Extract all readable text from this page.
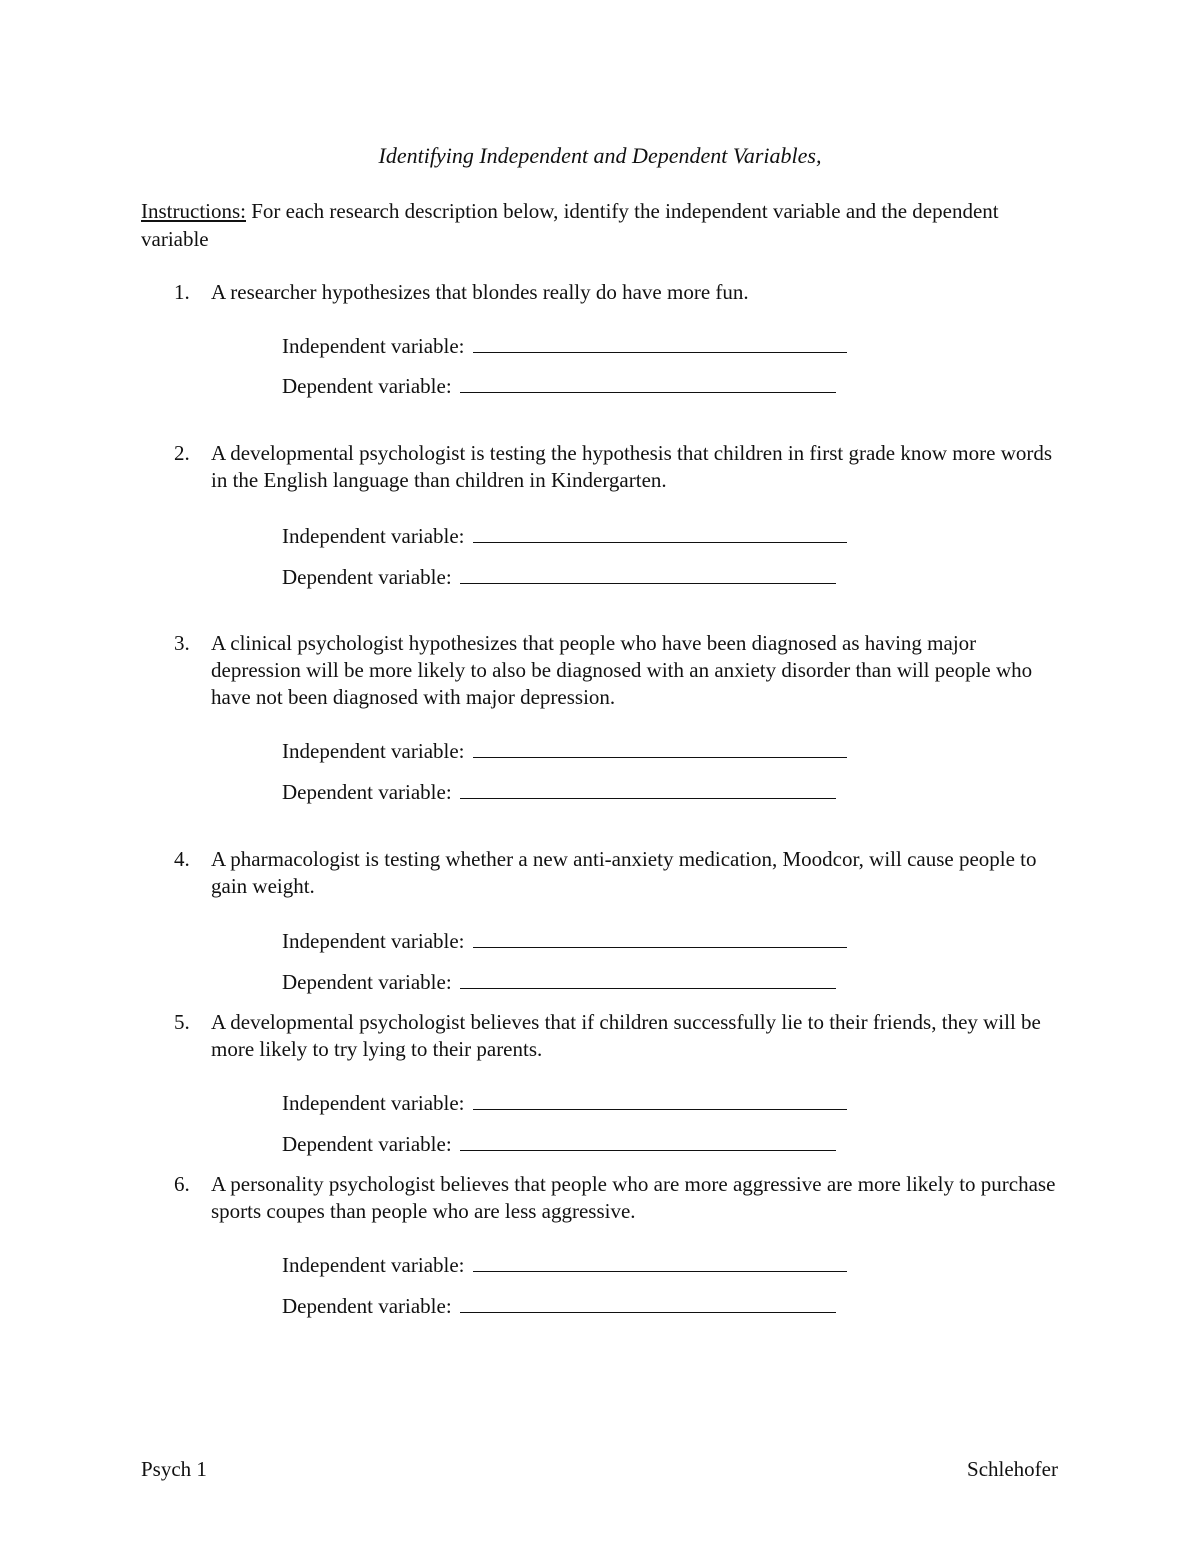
Identifying Independent and Dependent Variables,
Instructions: For each research description below, identify the independent variable and the dependent variable
1. A researcher hypothesizes that blondes really do have more fun.
Independent variable:
Dependent variable:
2. A developmental psychologist is testing the hypothesis that children in first grade know more words in the English language than children in Kindergarten.
Independent variable:
Dependent variable:
3. A clinical psychologist hypothesizes that people who have been diagnosed as having major depression will be more likely to also be diagnosed with an anxiety disorder than will people who have not been diagnosed with major depression.
Independent variable:
Dependent variable:
4. A pharmacologist is testing whether a new anti-anxiety medication, Moodcor, will cause people to gain weight.
Independent variable:
Dependent variable:
5. A developmental psychologist believes that if children successfully lie to their friends, they will be more likely to try lying to their parents.
Independent variable:
Dependent variable:
6. A personality psychologist believes that people who are more aggressive are more likely to purchase sports coupes than people who are less aggressive.
Independent variable:
Dependent variable:
Psych 1	Schlehofer
